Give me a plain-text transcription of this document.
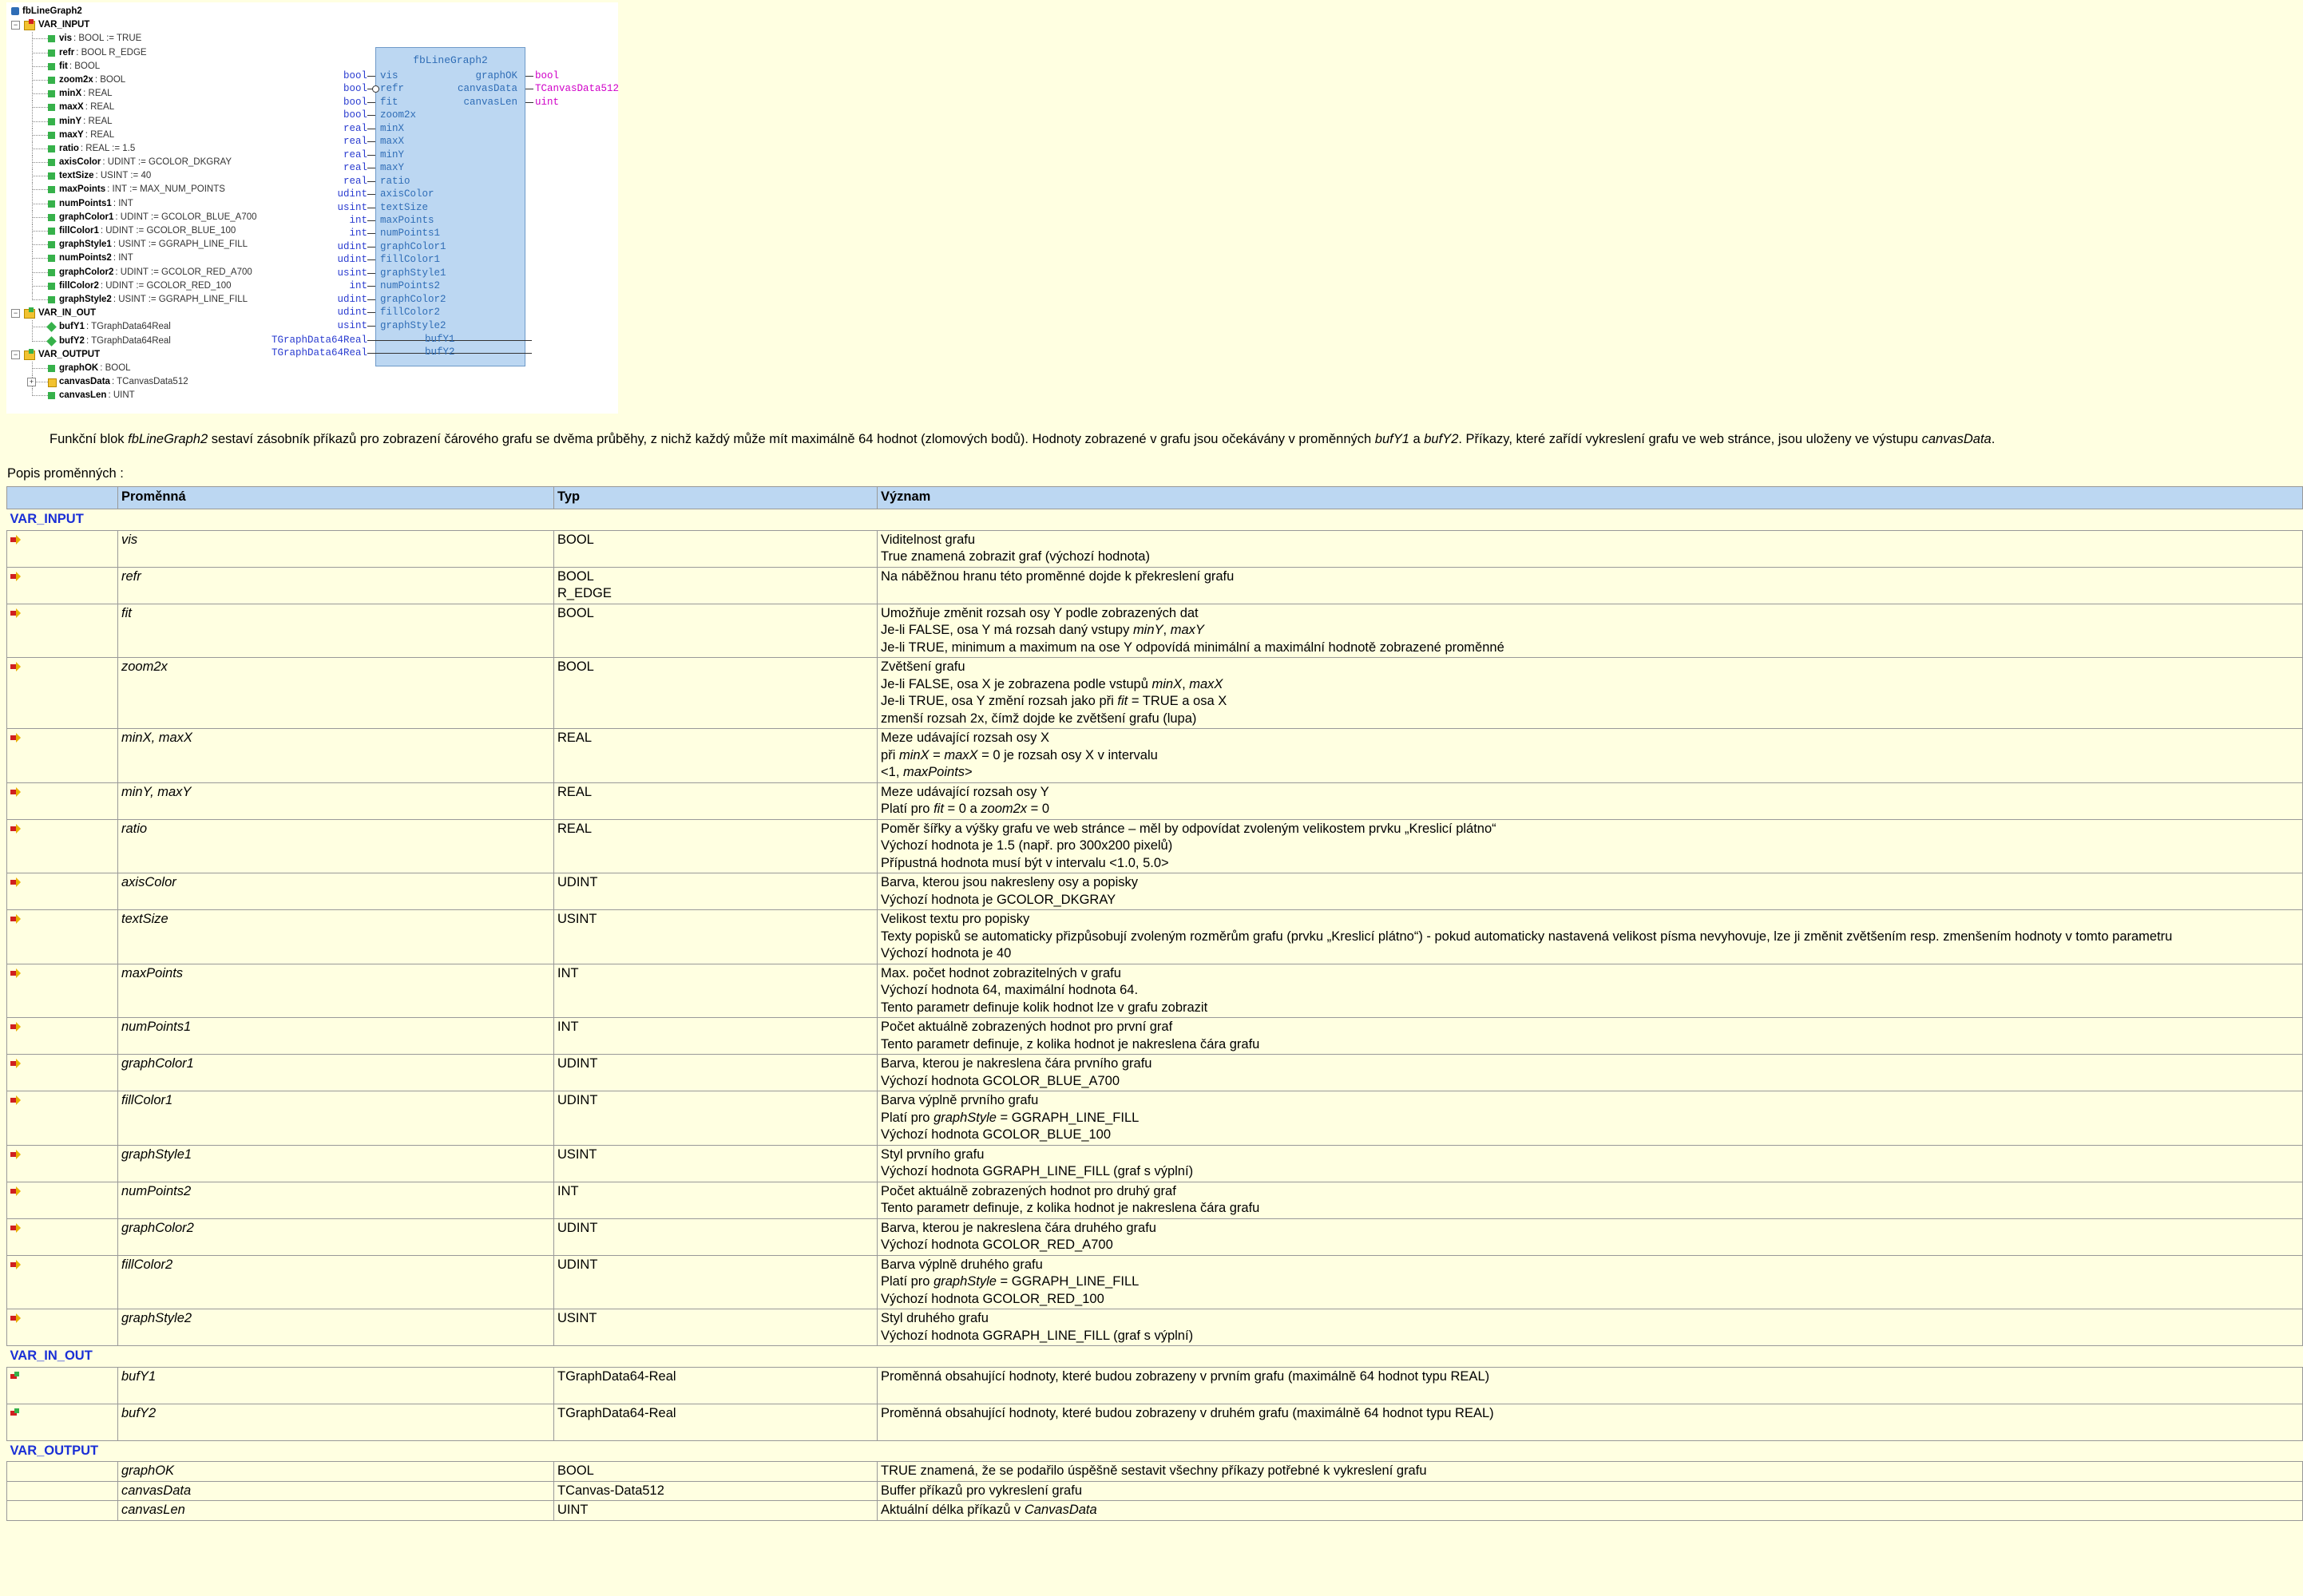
fbLineGraph2
− VAR_INPUT
vis : BOOL := TRUE
refr : BOOL R_EDGE
fit : BOOL
zoom2x : BOOL
minX : REAL
maxX : REAL
minY : REAL
maxY : REAL
ratio : REAL := 1.5
axisColor : UDINT := GCOLOR_DKGRAY
textSize : USINT := 40
maxPoints : INT := MAX_NUM_POINTS
numPoints1 : INT
graphColor1 : UDINT := GCOLOR_BLUE_A700
fillColor1 : UDINT := GCOLOR_BLUE_100
graphStyle1 : USINT := GGRAPH_LINE_FILL
numPoints2 : INT
graphColor2 : UDINT := GCOLOR_RED_A700
fillColor2 : UDINT := GCOLOR_RED_100
graphStyle2 : USINT := GGRAPH_LINE_FILL
− VAR_IN_OUT
bufY1 : TGraphData64Real
bufY2 : TGraphData64Real
− VAR_OUTPUT
graphOK : BOOL
+	canvasData : TCanvasData512
canvasLen : UINT
fbLineGraph2
bool vis
bool refr
bool fit
bool zoom2x
real minX
real maxX
real minY
real maxY
real ratio
udint axisColor
usint textSize
int maxPoints
int numPoints1
udint graphColor1
udint fillColor1
usint graphStyle1
int numPoints2
udint graphColor2
udint fillColor2
usint graphStyle2
TGraphData64Real	bufY1
TGraphData64Real	bufY2
graphOK bool
canvasData TCanvasData512
canvasLen uint
Funkční blok fbLineGraph2 sestaví zásobník příkazů pro zobrazení čárového grafu se dvěma průběhy, z nichž každý může mít maximálně 64 hodnot (zlomových bodů). Hodnoty zobrazené v grafu jsou očekávány v proměnných bufY1 a bufY2. Příkazy, které zařídí vykreslení grafu ve web stránce, jsou uloženy ve výstupu canvasData.
Popis proměnných :
	Proměnná	Typ	Význam
VAR_INPUT			

	vis	BOOL	Viditelnost grafu
True znamená zobrazit graf (výchozí hodnota)

	refr	BOOL
R_EDGE	Na náběžnou hranu této proměnné dojde k překreslení grafu

	fit	BOOL	Umožňuje změnit rozsah osy Y podle zobrazených dat
Je-li FALSE, osa Y má rozsah daný vstupy minY, maxY
Je-li TRUE, minimum a maximum na ose Y odpovídá minimální a maximální hodnotě zobrazené proměnné

	zoom2x	BOOL	Zvětšení grafu
Je-li FALSE, osa X je zobrazena podle vstupů minX, maxX
Je-li TRUE, osa Y změní rozsah jako při fit = TRUE a osa X
zmenší rozsah 2x, čímž dojde ke zvětšení grafu (lupa)

	minX, maxX	REAL	Meze udávající rozsah osy X
při minX = maxX = 0 je rozsah osy X v intervalu
<1, maxPoints>

	minY, maxY	REAL	Meze udávající rozsah osy Y
Platí pro fit = 0 a zoom2x = 0

	ratio	REAL	Poměr šířky a výšky grafu ve web stránce – měl by odpovídat zvoleným velikostem prvku „Kreslicí plátno“
Výchozí hodnota je 1.5 (např. pro 300x200 pixelů)
Přípustná hodnota musí být v intervalu <1.0, 5.0>

	axisColor	UDINT	Barva, kterou jsou nakresleny osy a popisky
Výchozí hodnota je GCOLOR_DKGRAY

	textSize	USINT	Velikost textu pro popisky
Texty popisků se automaticky přizpůsobují zvoleným rozměrům grafu (prvku „Kreslicí plátno“) - pokud automaticky nastavená velikost písma nevyhovuje, lze ji změnit zvětšením resp. zmenšením hodnoty v tomto parametru
Výchozí hodnota je 40

	maxPoints	INT	Max. počet hodnot zobrazitelných v grafu
Výchozí hodnota 64, maximální hodnota 64.
Tento parametr definuje kolik hodnot lze v grafu zobrazit

	numPoints1	INT	Počet aktuálně zobrazených hodnot pro první graf
Tento parametr definuje, z kolika hodnot je nakreslena čára grafu

	graphColor1	UDINT	Barva, kterou je nakreslena čára prvního grafu
Výchozí hodnota GCOLOR_BLUE_A700

	fillColor1	UDINT	Barva výplně prvního grafu
Platí pro graphStyle = GGRAPH_LINE_FILL
Výchozí hodnota GCOLOR_BLUE_100

	graphStyle1	USINT	Styl prvního grafu
Výchozí hodnota GGRAPH_LINE_FILL (graf s výplní)

	numPoints2	INT	Počet aktuálně zobrazených hodnot pro druhý graf
Tento parametr definuje, z kolika hodnot je nakreslena čára grafu

	graphColor2	UDINT	Barva, kterou je nakreslena čára druhého grafu
Výchozí hodnota GCOLOR_RED_A700

	fillColor2	UDINT	Barva výplně druhého grafu
Platí pro graphStyle = GGRAPH_LINE_FILL
Výchozí hodnota GCOLOR_RED_100

	graphStyle2	USINT	Styl druhého grafu
Výchozí hodnota GGRAPH_LINE_FILL (graf s výplní)

VAR_IN_OUT			

	bufY1	TGraphData64-Real	Proměnná obsahující hodnoty, které budou zobrazeny v prvním grafu (maximálně 64 hodnot typu REAL)

	bufY2	TGraphData64-Real	Proměnná obsahující hodnoty, které budou zobrazeny v druhém grafu (maximálně 64 hodnot typu REAL)

VAR_OUTPUT			
	graphOK	BOOL	TRUE znamená, že se podařilo úspěšně sestavit všechny příkazy potřebné k vykreslení grafu

	canvasData	TCanvas-Data512	Buffer příkazů pro vykreslení grafu

	canvasLen	UINT	Aktuální délka příkazů v CanvasData
